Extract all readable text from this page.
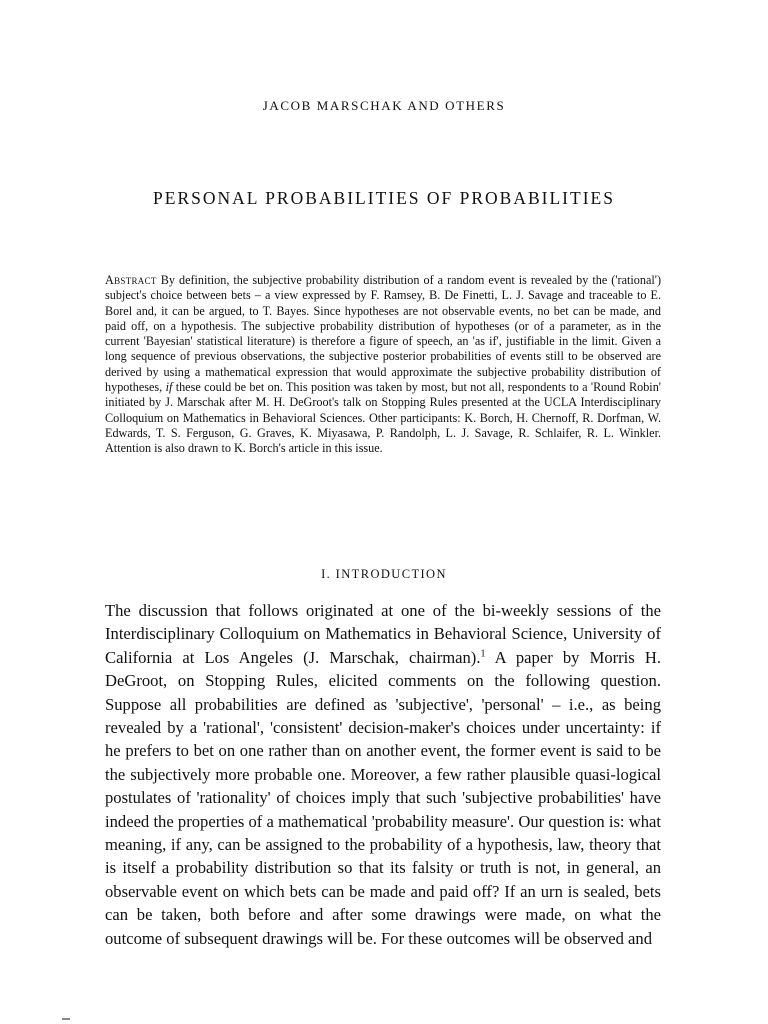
JACOB MARSCHAK AND OTHERS
PERSONAL PROBABILITIES OF PROBABILITIES

Abstract By definition, the subjective probability distribution of a random event is revealed by the ('rational') subject's choice between bets – a view expressed by F. Ramsey, B. De Finetti, L. J. Savage and traceable to E. Borel and, it can be argued, to T. Bayes. Since hypotheses are not observable events, no bet can be made, and paid off, on a hypothesis. The subjective probability distribution of hypotheses (or of a parameter, as in the current 'Bayesian' statistical literature) is therefore a figure of speech, an 'as if', justifiable in the limit. Given a long sequence of previous observations, the subjective posterior probabilities of events still to be observed are derived by using a mathematical expression that would approximate the subjective probability distribution of hypotheses, if these could be bet on. This position was taken by most, but not all, respondents to a 'Round Robin' initiated by J. Marschak after M. H. DeGroot's talk on Stopping Rules presented at the UCLA Interdisciplinary Colloquium on Mathematics in Behavioral Sciences. Other participants: K. Borch, H. Chernoff, R. Dorfman, W. Edwards, T. S. Ferguson, G. Graves, K. Miyasawa, P. Randolph, L. J. Savage, R. Schlaifer, R. L. Winkler. Attention is also drawn to K. Borch's article in this issue.

I. INTRODUCTION

The discussion that follows originated at one of the bi-weekly sessions of the Interdisciplinary Colloquium on Mathematics in Behavioral Science, University of California at Los Angeles (J. Marschak, chairman).$^1$ A paper by Morris H. DeGroot, on Stopping Rules, elicited comments on the following question. Suppose all probabilities are defined as 'subjective', 'personal' – i.e., as being revealed by a 'rational', 'consistent' decision-maker's choices under uncertainty: if he prefers to bet on one rather than on another event, the former event is said to be the subjectively more probable one. Moreover, a few rather plausible quasi-logical postulates of 'rationality' of choices imply that such 'subjective probabilities' have indeed the properties of a mathematical 'probability measure'. Our question is: what meaning, if any, can be assigned to the probability of a hypothesis, law, theory that is itself a probability distribution so that its falsity or truth is not, in general, an observable event on which bets can be made and paid off? If an urn is sealed, bets can be taken, both before and after some drawings were made, on what the outcome of subsequent drawings will be. For these outcomes will be observed and
